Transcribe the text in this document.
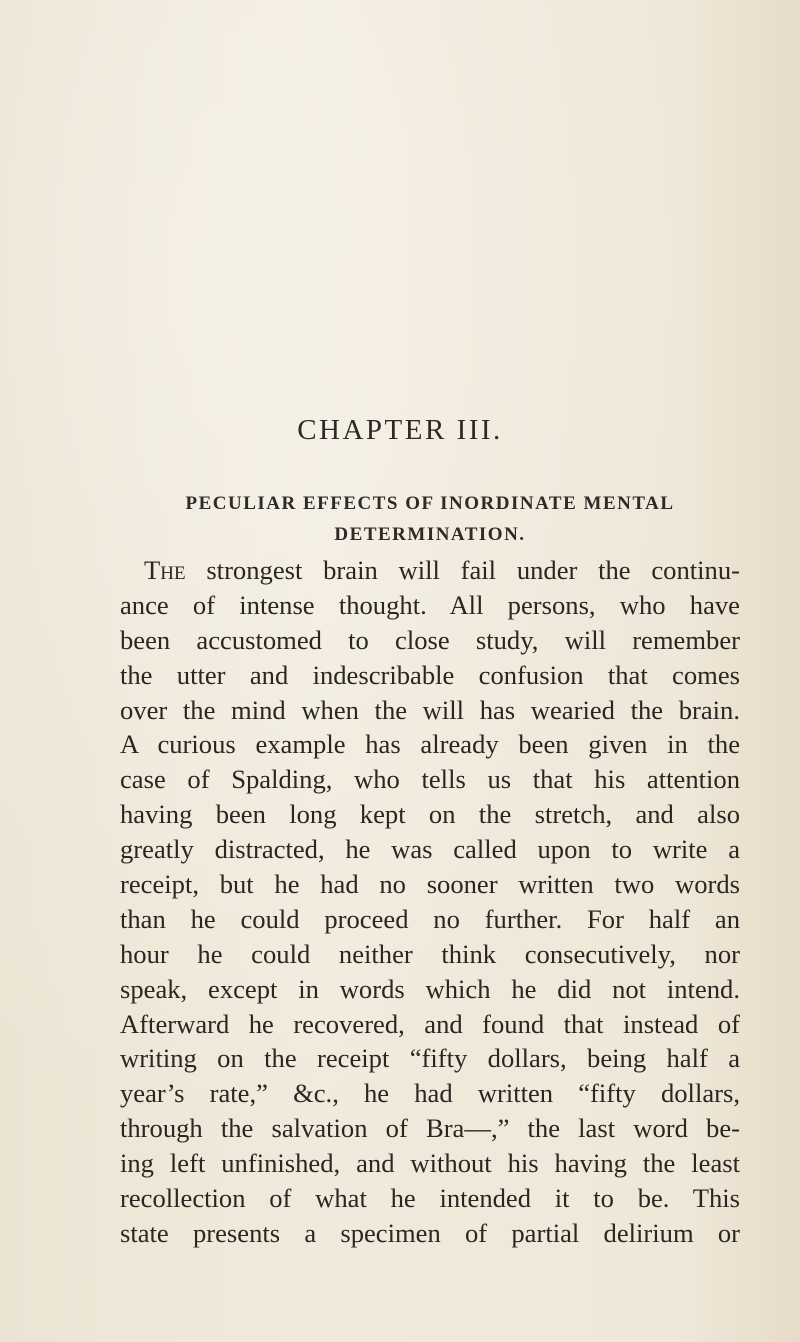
CHAPTER III.
PECULIAR EFFECTS OF INORDINATE MENTAL
DETERMINATION.
The strongest brain will fail under the continu-
ance of intense thought. All persons, who have
been accustomed to close study, will remember
the utter and indescribable confusion that comes
over the mind when the will has wearied the brain.
A curious example has already been given in the
case of Spalding, who tells us that his attention
having been long kept on the stretch, and also
greatly distracted, he was called upon to write a
receipt, but he had no sooner written two words
than he could proceed no further. For half an
hour he could neither think consecutively, nor
speak, except in words which he did not intend.
Afterward he recovered, and found that instead of
writing on the receipt “fifty dollars, being half a
year’s rate,” &c., he had written “fifty dollars,
through the salvation of Bra—,” the last word be-
ing left unfinished, and without his having the least
recollection of what he intended it to be. This
state presents a specimen of partial delirium or
